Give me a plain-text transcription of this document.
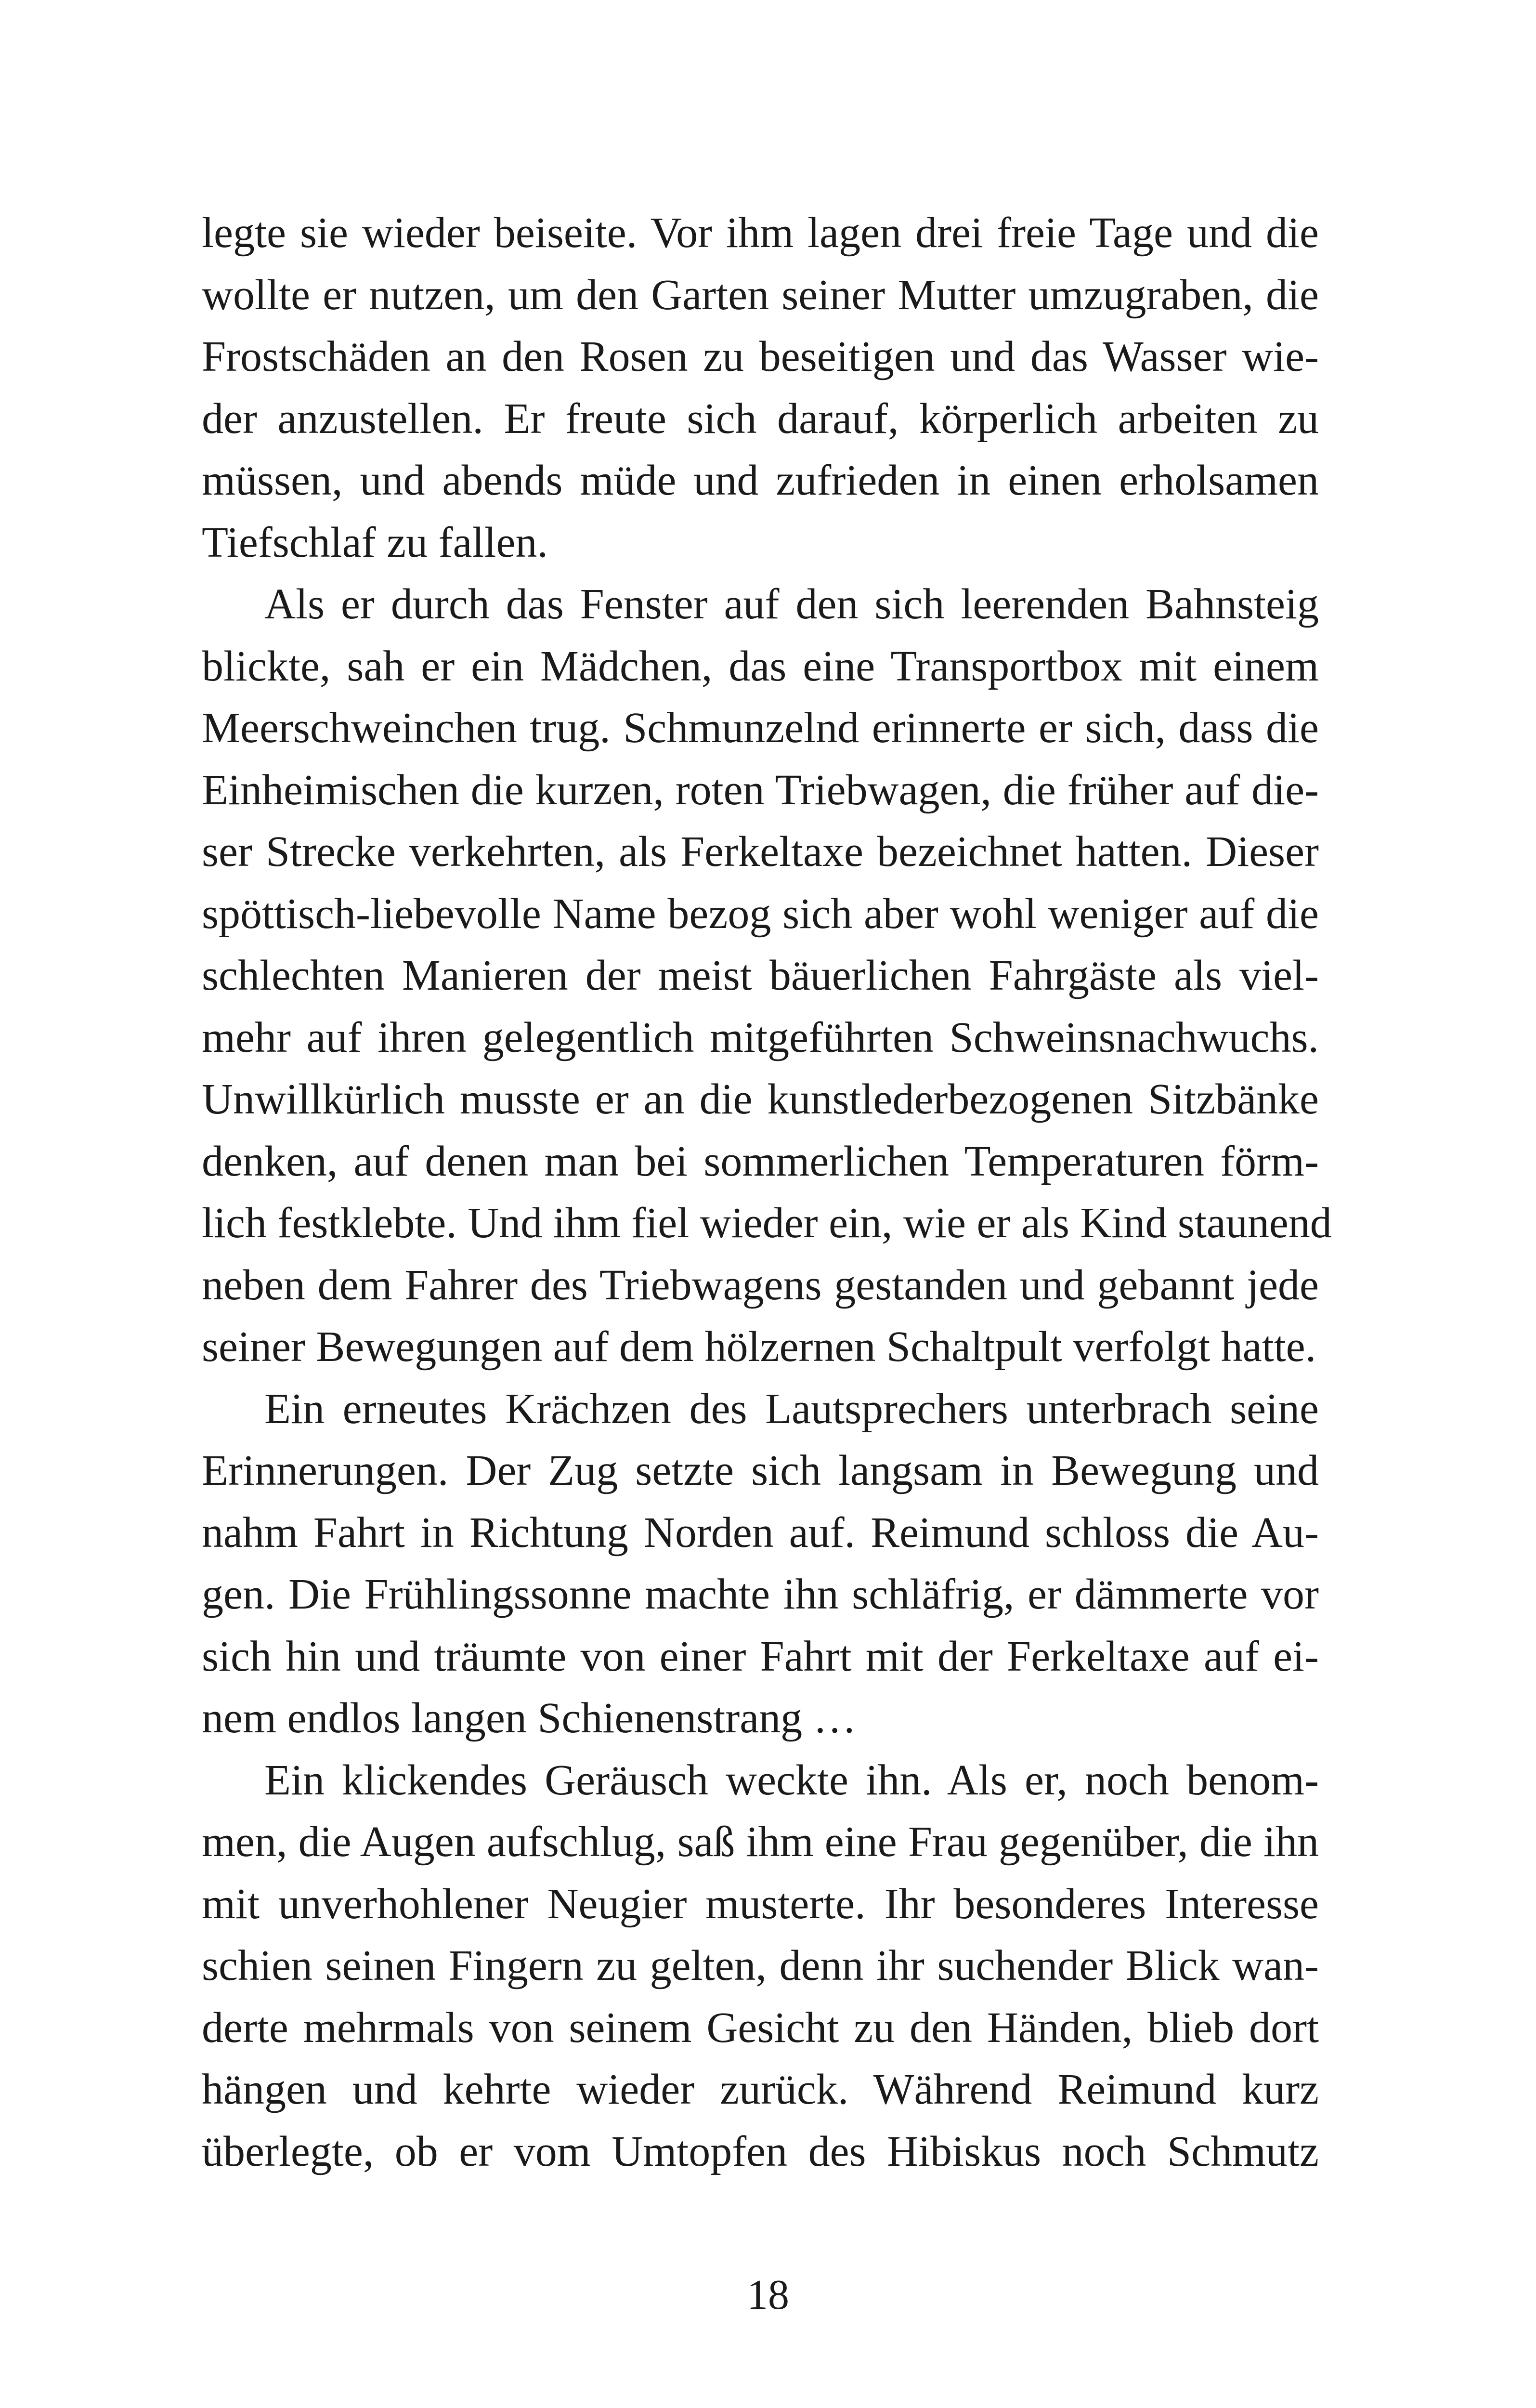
legte sie wieder beiseite. Vor ihm lagen drei freie Tage und die
wollte er nutzen, um den Garten seiner Mutter umzugraben, die
Frostschäden an den Rosen zu beseitigen und das Wasser wie-
der anzustellen. Er freute sich darauf, körperlich arbeiten zu
müssen, und abends müde und zufrieden in einen erholsamen
Tiefschlaf zu fallen.
Als er durch das Fenster auf den sich leerenden Bahnsteig
blickte, sah er ein Mädchen, das eine Transportbox mit einem
Meerschweinchen trug. Schmunzelnd erinnerte er sich, dass die
Einheimischen die kurzen, roten Triebwagen, die früher auf die-
ser Strecke verkehrten, als Ferkeltaxe bezeichnet hatten. Dieser
spöttisch-liebevolle Name bezog sich aber wohl weniger auf die
schlechten Manieren der meist bäuerlichen Fahrgäste als viel-
mehr auf ihren gelegentlich mitgeführten Schweinsnachwuchs.
Unwillkürlich musste er an die kunstlederbezogenen Sitzbänke
denken, auf denen man bei sommerlichen Temperaturen förm-
lich festklebte. Und ihm fiel wieder ein, wie er als Kind staunend
neben dem Fahrer des Triebwagens gestanden und gebannt jede
seiner Bewegungen auf dem hölzernen Schaltpult verfolgt hatte.
Ein erneutes Krächzen des Lautsprechers unterbrach seine
Erinnerungen. Der Zug setzte sich langsam in Bewegung und
nahm Fahrt in Richtung Norden auf. Reimund schloss die Au-
gen. Die Frühlingssonne machte ihn schläfrig, er dämmerte vor
sich hin und träumte von einer Fahrt mit der Ferkeltaxe auf ei-
nem endlos langen Schienenstrang …
Ein klickendes Geräusch weckte ihn. Als er, noch benom-
men, die Augen aufschlug, saß ihm eine Frau gegenüber, die ihn
mit unverhohlener Neugier musterte. Ihr besonderes Interesse
schien seinen Fingern zu gelten, denn ihr suchender Blick wan-
derte mehrmals von seinem Gesicht zu den Händen, blieb dort
hängen und kehrte wieder zurück. Während Reimund kurz
überlegte, ob er vom Umtopfen des Hibiskus noch Schmutz
18
